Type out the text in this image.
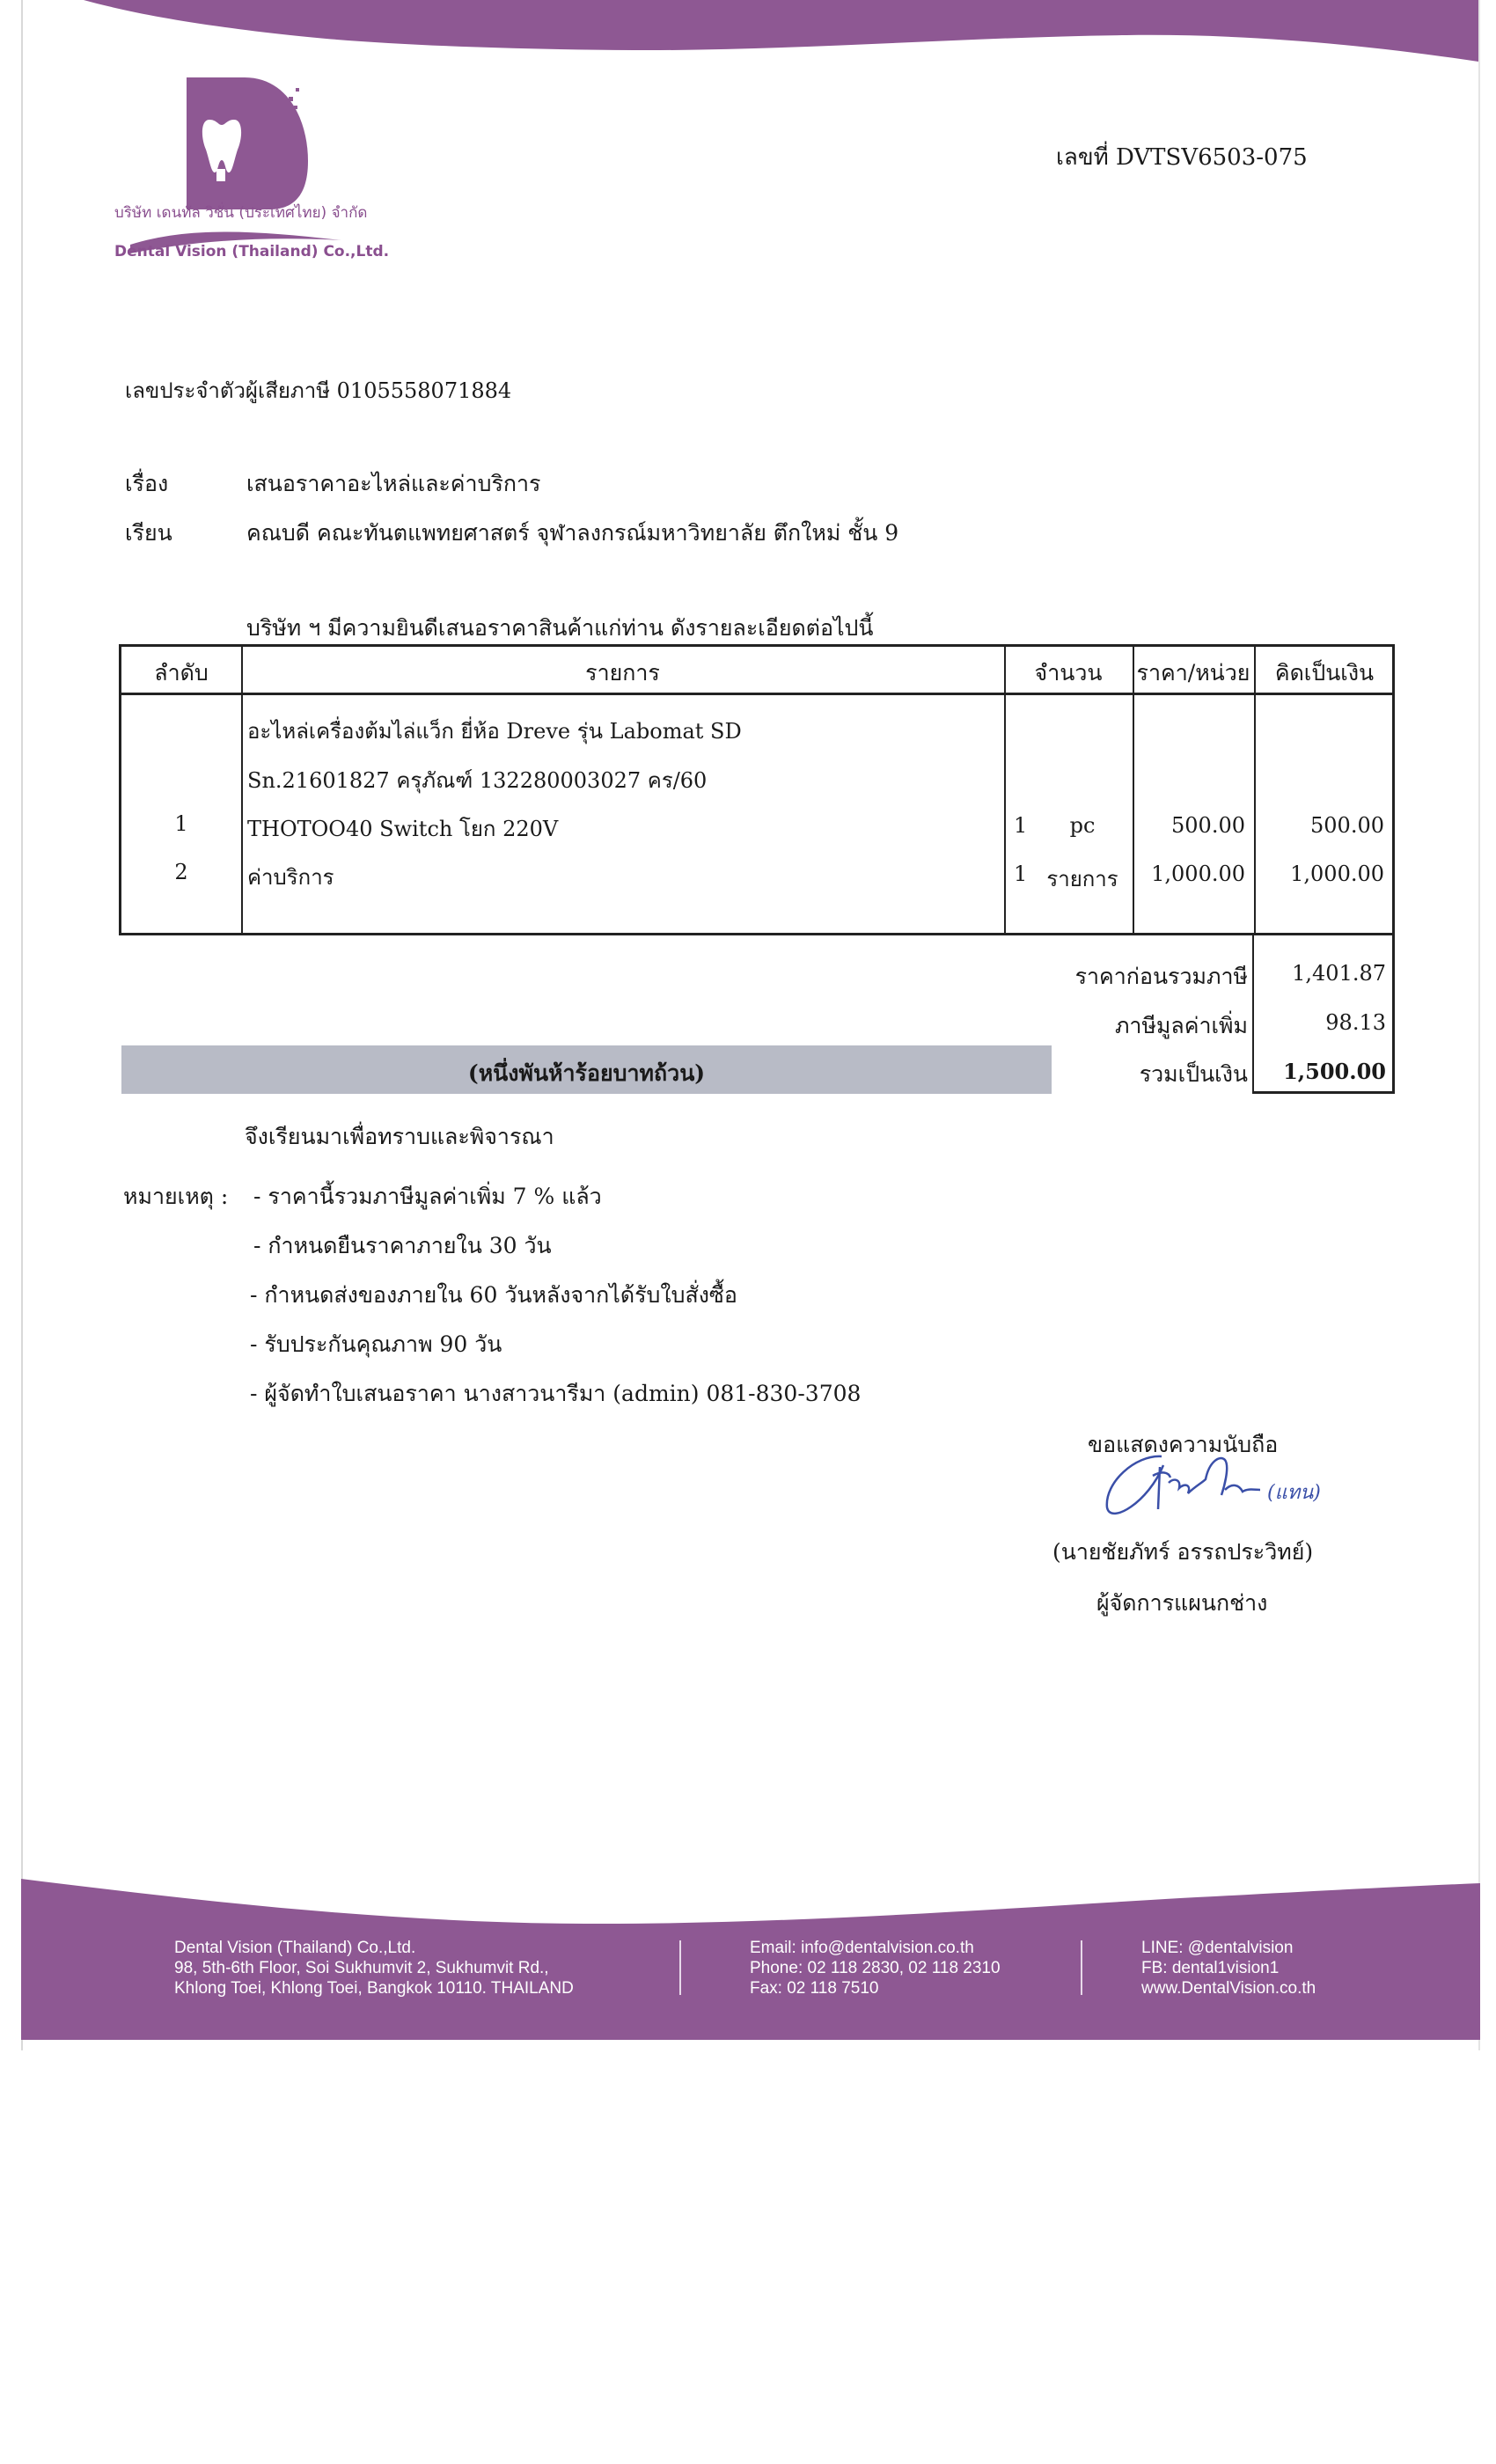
บริษัท เดนทัล วิชั่น (ประเทศไทย) จำกัด
Dental Vision (Thailand) Co.,Ltd.
เลขที่ DVTSV6503-075
เลขประจำตัวผู้เสียภาษี 0105558071884
เรื่อง	เสนอราคาอะไหล่และค่าบริการ
เรียน	คณบดี คณะทันตแพทยศาสตร์ จุฬาลงกรณ์มหาวิทยาลัย ตึกใหม่ ชั้น 9
บริษัท ฯ มีความยินดีเสนอราคาสินค้าแก่ท่าน ดังรายละเอียดต่อไปนี้
ลำดับ	รายการ	จำนวน	ราคา/หน่วย	คิดเป็นเงิน
อะไหล่เครื่องต้มไล่แว็ก ยี่ห้อ Dreve รุ่น Labomat SD
Sn.21601827 ครุภัณฑ์ 132280003027 คร/60
1	THOTOO40 Switch โยก 220V	1	pc	500.00	500.00
2	ค่าบริการ	1 รายการ	1,000.00	1,000.00
ราคาก่อนรวมภาษี 1,401.87
ภาษีมูลค่าเพิ่ม	98.13
รวมเป็นเงิน 1,500.00
(หนึ่งพันห้าร้อยบาทถ้วน)
จึงเรียนมาเพื่อทราบและพิจารณา
หมายเหตุ : - ราคานี้รวมภาษีมูลค่าเพิ่ม 7 % แล้ว
- กำหนดยืนราคาภายใน 30 วัน
- กำหนดส่งของภายใน 60 วันหลังจากได้รับใบสั่งซื้อ
- รับประกันคุณภาพ 90 วัน
- ผู้จัดทำใบเสนอราคา นางสาวนารีมา (admin) 081-830-3708
ขอแสดงความนับถือ
(แทน)
(นายชัยภัทร์ อรรถประวิทย์)
ผู้จัดการแผนกช่าง
Dental Vision (Thailand) Co.,Ltd.
98, 5th-6th Floor, Soi Sukhumvit 2, Sukhumvit Rd.,
Khlong Toei, Khlong Toei, Bangkok 10110. THAILAND
Email: info@dentalvision.co.th
Phone: 02 118 2830, 02 118 2310
Fax: 02 118 7510
LINE: @dentalvision
FB: dental1vision1
www.DentalVision.co.th
